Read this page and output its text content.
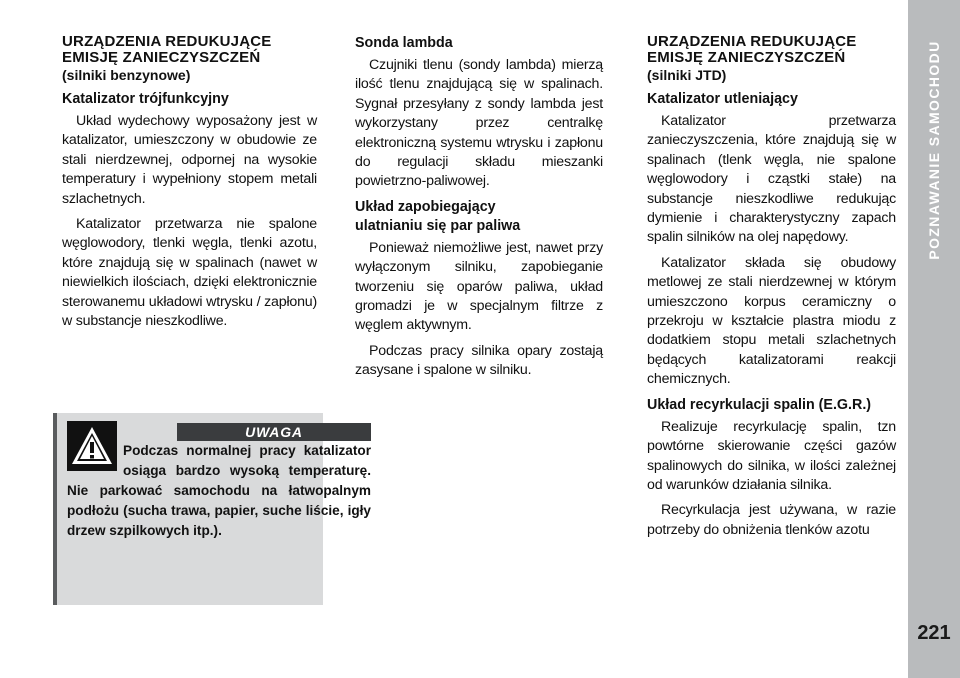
POZNAWANIE SAMOCHODU
221
URZĄDZENIA REDUKUJĄCE
EMISJĘ ZANIECZYSZCZEŃ
(silniki benzynowe)
Katalizator trójfunkcyjny

Układ wydechowy wyposażony jest w katalizator, umieszczony w obudowie ze stali nierdzewnej, odpornej na wysokie temperatury i wypełniony stopem metali szlachetnych.

Katalizator przetwarza nie spalone węglowodory, tlenki węgla, tlenki azotu, które znajdują się w spalinach (nawet w niewielkich ilościach, dzięki elektronicznie sterowanemu układowi wtrysku / zapłonu) w substancje nieszkodliwe.

UWAGA
Podczas normalnej pracy katalizator osiąga bardzo wysoką temperaturę. Nie parkować samochodu na łatwopalnym podłożu (sucha trawa, papier, suche liście, igły drzew szpilkowych itp.).
Sonda lambda

Czujniki tlenu (sondy lambda) mierzą ilość tlenu znajdującą się w spalinach. Sygnał przesyłany z sondy lambda jest wykorzystany przez centralkę elektroniczną systemu wtrysku i zapłonu do regulacji składu mieszanki powietrzno-paliwowej.

Układ zapobiegający ulatnianiu się par paliwa

Ponieważ niemożliwe jest, nawet przy wyłączonym silniku, zapobieganie tworzeniu się oparów paliwa, układ gromadzi je w specjalnym filtrze z węglem aktywnym.

Podczas pracy silnika opary zostają zasysane i spalone w silniku.

URZĄDZENIA REDUKUJĄCE
EMISJĘ ZANIECZYSZCZEŃ
(silniki JTD)
Katalizator utleniający

Katalizator przetwarza zanieczyszczenia, które znajdują się w spalinach (tlenk węgla, nie spalone węglowodory i cząstki stałe) na substancje nieszkodliwe redukując dymienie i charakterystyczny zapach spalin silników na olej napędowy.

Katalizator składa się obudowy metlowej ze stali nierdzewnej w którym umieszczono korpus ceramiczny o przekroju w kształcie plastra miodu z dodatkiem stopu metali szlachetnych będących katalizatorami reakcji chemicznych.

Układ recyrkulacji spalin (E.G.R.)

Realizuje recyrkulację spalin, tzn powtórne skierowanie części gazów spalinowych do silnika, w ilości zależnej od warunków działania silnika.

Recyrkulacja jest używana, w razie potrzeby do obniżenia tlenków azotu
